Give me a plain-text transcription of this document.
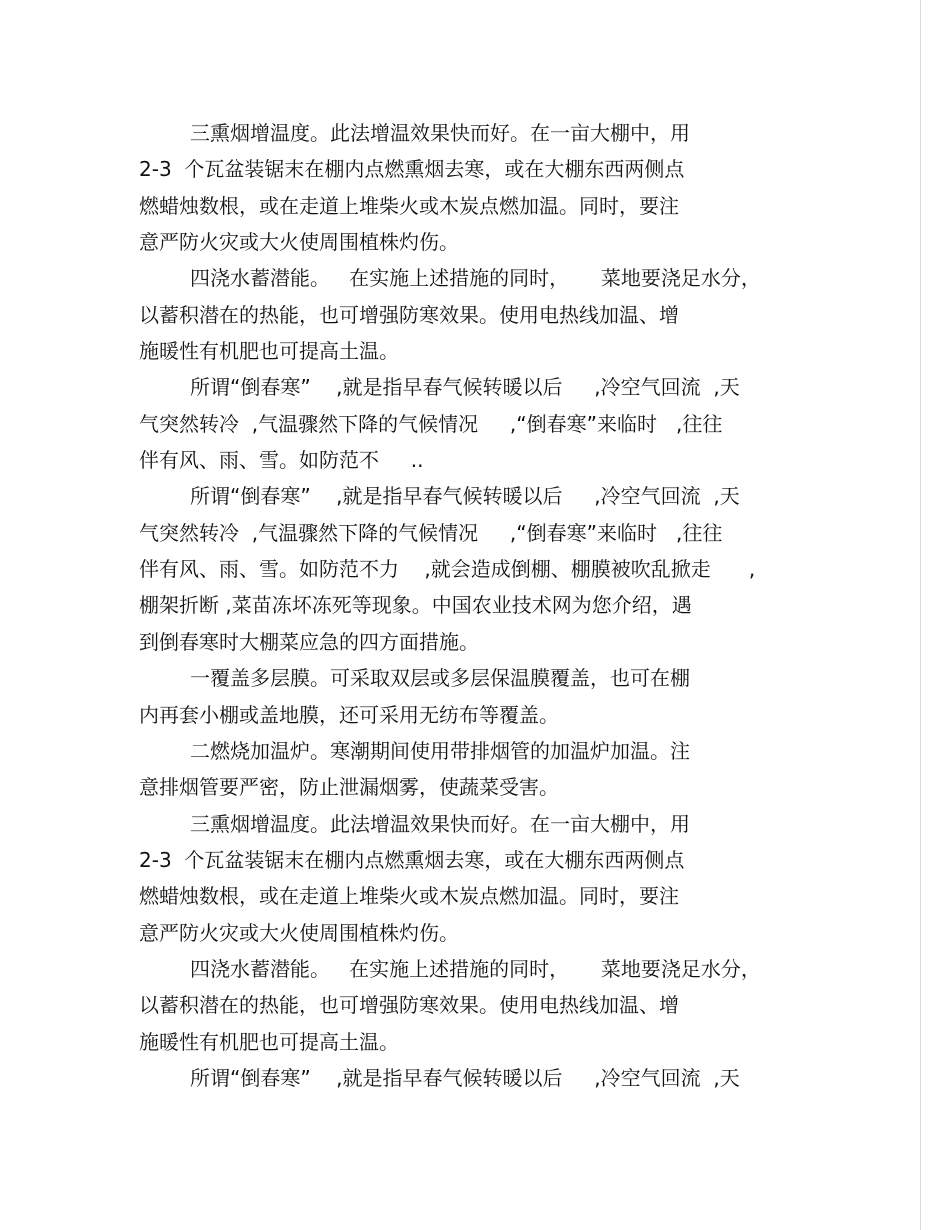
三熏烟增温度。此法增温效果快而好。在一亩大棚中，用
2-3  个瓦盆装锯末在棚内点燃熏烟去寒，或在大棚东西两侧点
燃蜡烛数根，或在走道上堆柴火或木炭点燃加温。同时，要注
意严防火灾或大火使周围植株灼伤。
四浇水蓄潜能。   在实施上述措施的同时，     菜地要浇足水分，
以蓄积潜在的热能，也可增强防寒效果。使用电热线加温、增
施暖性有机肥也可提高土温。
所谓“倒春寒”    ,就是指早春气候转暖以后     ,冷空气回流  ,天
气突然转冷  ,气温骤然下降的气候情况     ,“倒春寒”来临时   ,往往
伴有风、雨、雪。如防范不     ..
所谓“倒春寒”    ,就是指早春气候转暖以后     ,冷空气回流  ,天
气突然转冷  ,气温骤然下降的气候情况     ,“倒春寒”来临时   ,往往
伴有风、雨、雪。如防范不力    ,就会造成倒棚、棚膜被吹乱掀走      ,
棚架折断 ,菜苗冻坏冻死等现象。中国农业技术网为您介绍，遇
到倒春寒时大棚菜应急的四方面措施。
一覆盖多层膜。可采取双层或多层保温膜覆盖，也可在棚
内再套小棚或盖地膜，还可采用无纺布等覆盖。
二燃烧加温炉。寒潮期间使用带排烟管的加温炉加温。注
意排烟管要严密，防止泄漏烟雾，使蔬菜受害。
三熏烟增温度。此法增温效果快而好。在一亩大棚中，用
2-3  个瓦盆装锯末在棚内点燃熏烟去寒，或在大棚东西两侧点
燃蜡烛数根，或在走道上堆柴火或木炭点燃加温。同时，要注
意严防火灾或大火使周围植株灼伤。
四浇水蓄潜能。   在实施上述措施的同时，     菜地要浇足水分，
以蓄积潜在的热能，也可增强防寒效果。使用电热线加温、增
施暖性有机肥也可提高土温。
所谓“倒春寒”    ,就是指早春气候转暖以后     ,冷空气回流  ,天
